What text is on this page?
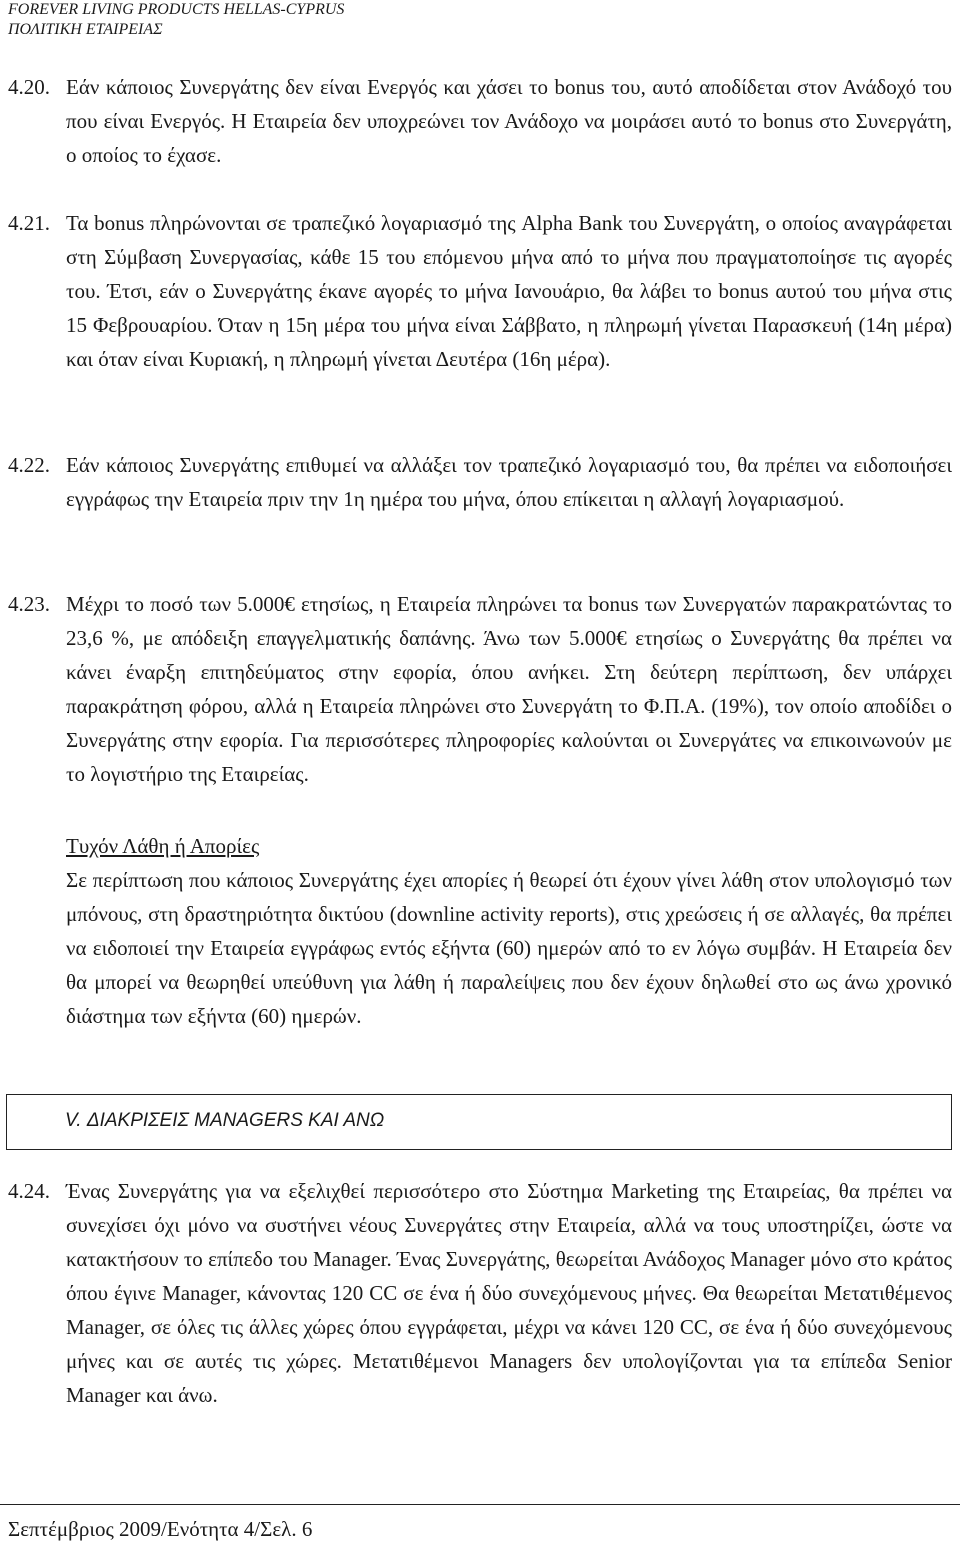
FOREVER LIVING PRODUCTS HELLAS-CYPRUS
ΠΟΛΙΤΙΚΗ ΕΤΑΙΡΕΙΑΣ
4.20. Εάν κάποιος Συνεργάτης δεν είναι Ενεργός και χάσει το bonus του, αυτό αποδίδεται στον Ανάδοχό του που είναι Ενεργός. Η Εταιρεία δεν υποχρεώνει τον Ανάδοχο να μοιράσει αυτό το bonus στο Συνεργάτη, ο οποίος το έχασε.
4.21. Τα bonus πληρώνονται σε τραπεζικό λογαριασμό της Alpha Bank του Συνεργάτη, ο οποίος αναγράφεται στη Σύμβαση Συνεργασίας, κάθε 15 του επόμενου μήνα από το μήνα που πραγματοποίησε τις αγορές του. Έτσι, εάν ο Συνεργάτης έκανε αγορές το μήνα Ιανουάριο, θα λάβει το bonus αυτού του μήνα στις 15 Φεβρουαρίου. Όταν η 15η μέρα του μήνα είναι Σάββατο, η πληρωμή γίνεται Παρασκευή (14η μέρα) και όταν είναι Κυριακή, η πληρωμή γίνεται Δευτέρα (16η μέρα).
4.22. Εάν κάποιος Συνεργάτης επιθυμεί να αλλάξει τον τραπεζικό λογαριασμό του, θα πρέπει να ειδοποιήσει εγγράφως την Εταιρεία πριν την 1η ημέρα του μήνα, όπου επίκειται η αλλαγή λογαριασμού.
4.23. Μέχρι το ποσό των 5.000€ ετησίως, η Εταιρεία πληρώνει τα bonus των Συνεργατών παρακρατώντας το 23,6 %, με απόδειξη επαγγελματικής δαπάνης. Άνω των 5.000€ ετησίως ο Συνεργάτης θα πρέπει να κάνει έναρξη επιτηδεύματος στην εφορία, όπου ανήκει. Στη δεύτερη περίπτωση, δεν υπάρχει παρακράτηση φόρου, αλλά η Εταιρεία πληρώνει στο Συνεργάτη το Φ.Π.Α. (19%), τον οποίο αποδίδει ο Συνεργάτης στην εφορία. Για περισσότερες πληροφορίες καλούνται οι Συνεργάτες να επικοινωνούν με το λογιστήριο της Εταιρείας.
Τυχόν Λάθη ή Απορίες
Σε περίπτωση που κάποιος Συνεργάτης έχει απορίες ή θεωρεί ότι έχουν γίνει λάθη στον υπολογισμό των μπόνους, στη δραστηριότητα δικτύου (downline activity reports), στις χρεώσεις ή σε αλλαγές, θα πρέπει να ειδοποιεί την Εταιρεία εγγράφως εντός εξήντα (60) ημερών από το εν λόγω συμβάν. Η Εταιρεία δεν θα μπορεί να θεωρηθεί υπεύθυνη για λάθη ή παραλείψεις που δεν έχουν δηλωθεί στο ως άνω χρονικό διάστημα των εξήντα (60) ημερών.
V. ΔΙΑΚΡΙΣΕΙΣ MANAGERS ΚΑΙ ΑΝΩ
4.24. Ένας Συνεργάτης για να εξελιχθεί περισσότερο στο Σύστημα Marketing της Εταιρείας, θα πρέπει να συνεχίσει όχι μόνο να συστήνει νέους Συνεργάτες στην Εταιρεία, αλλά να τους υποστηρίζει, ώστε να κατακτήσουν το επίπεδο του Manager. Ένας Συνεργάτης, θεωρείται Ανάδοχος Manager μόνο στο κράτος όπου έγινε Manager, κάνοντας 120 CC σε ένα ή δύο συνεχόμενους μήνες. Θα θεωρείται Μετατιθέμενος Manager, σε όλες τις άλλες χώρες όπου εγγράφεται, μέχρι να κάνει 120 CC, σε ένα ή δύο συνεχόμενους μήνες και σε αυτές τις χώρες. Μετατιθέμενοι Managers δεν υπολογίζονται για τα επίπεδα Senior Manager και άνω.
Σεπτέμβριος 2009/Ενότητα 4/Σελ. 6
